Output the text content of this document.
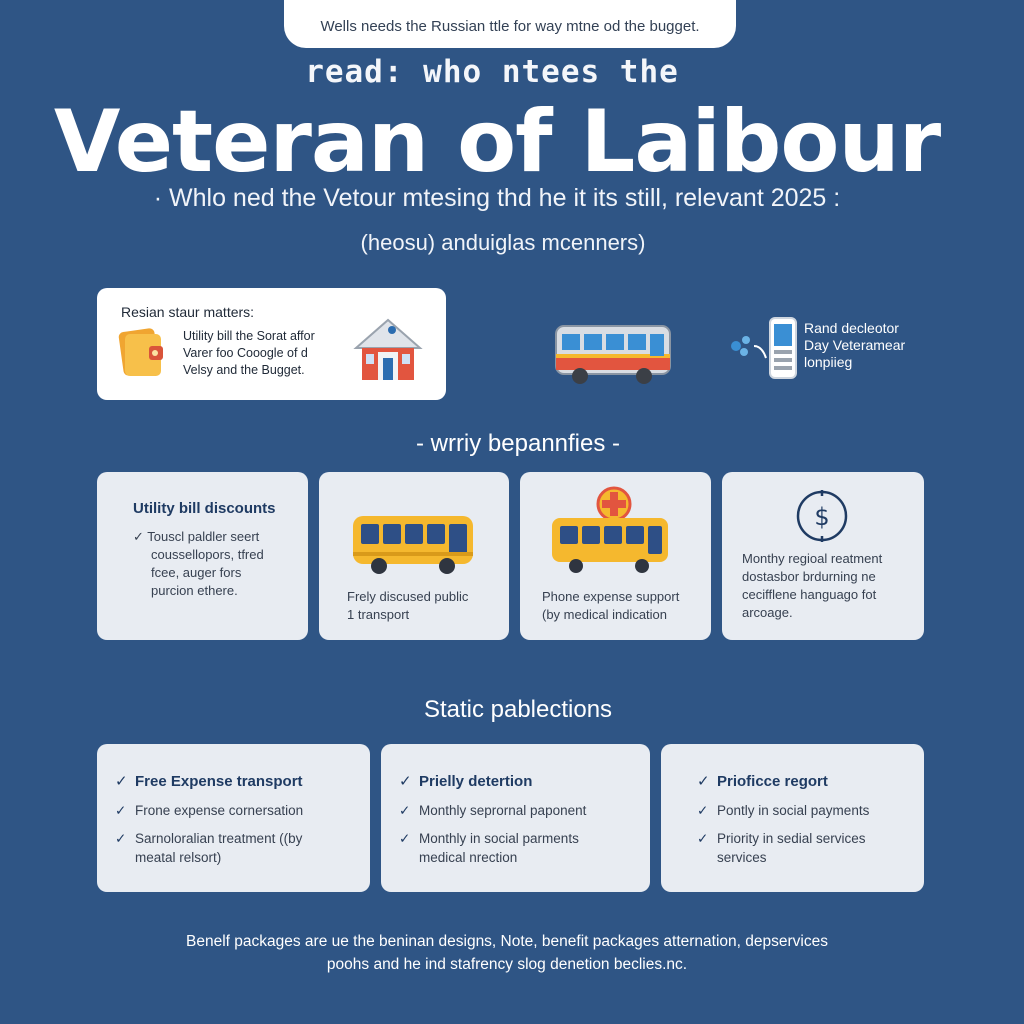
Wells needs the Russian ttle for way mtne od the bugget.
read: who ntees the
Veteran of Laibour
· Whlo ned the Vetour mtesing thd he it its still, relevant 2025 :
(heosu) anduiglas mcenners)
Resian staur matters:
Utility bill the Sorat affor
Varer foo Cooogle of d
Velsy and the Bugget.
Rand decleotor
Day Veteramear
lonpiieg
- wrriy bepannfies -
Utility bill discounts
✓ Touscl paldler seert
coussellopors, tfred
fcee, auger fors
purcion ethere.	Frely discused public
1 transport
Phone expense support
(by medical indication
$
Monthy regioal reatment
dostasbor brdurning ne
cecifflene hanguago fot
arcoage.
Static pablections
✓ Free Expense transport
✓ Frone expense cornersation
✓ Sarnoloralian treatment ((by
meatal relsort)
✓ Prielly detertion
✓ Monthly seprornal paponent
✓ Monthly in social parments
medical nrection
✓ Prioficce regort
✓ Pontly in social payments
✓ Priority in sedial services
services
Benelf packages are ue the beninan designs, Note, benefit packages atternation, depservices
poohs and he ind stafrency slog denetion beclies.nc.
